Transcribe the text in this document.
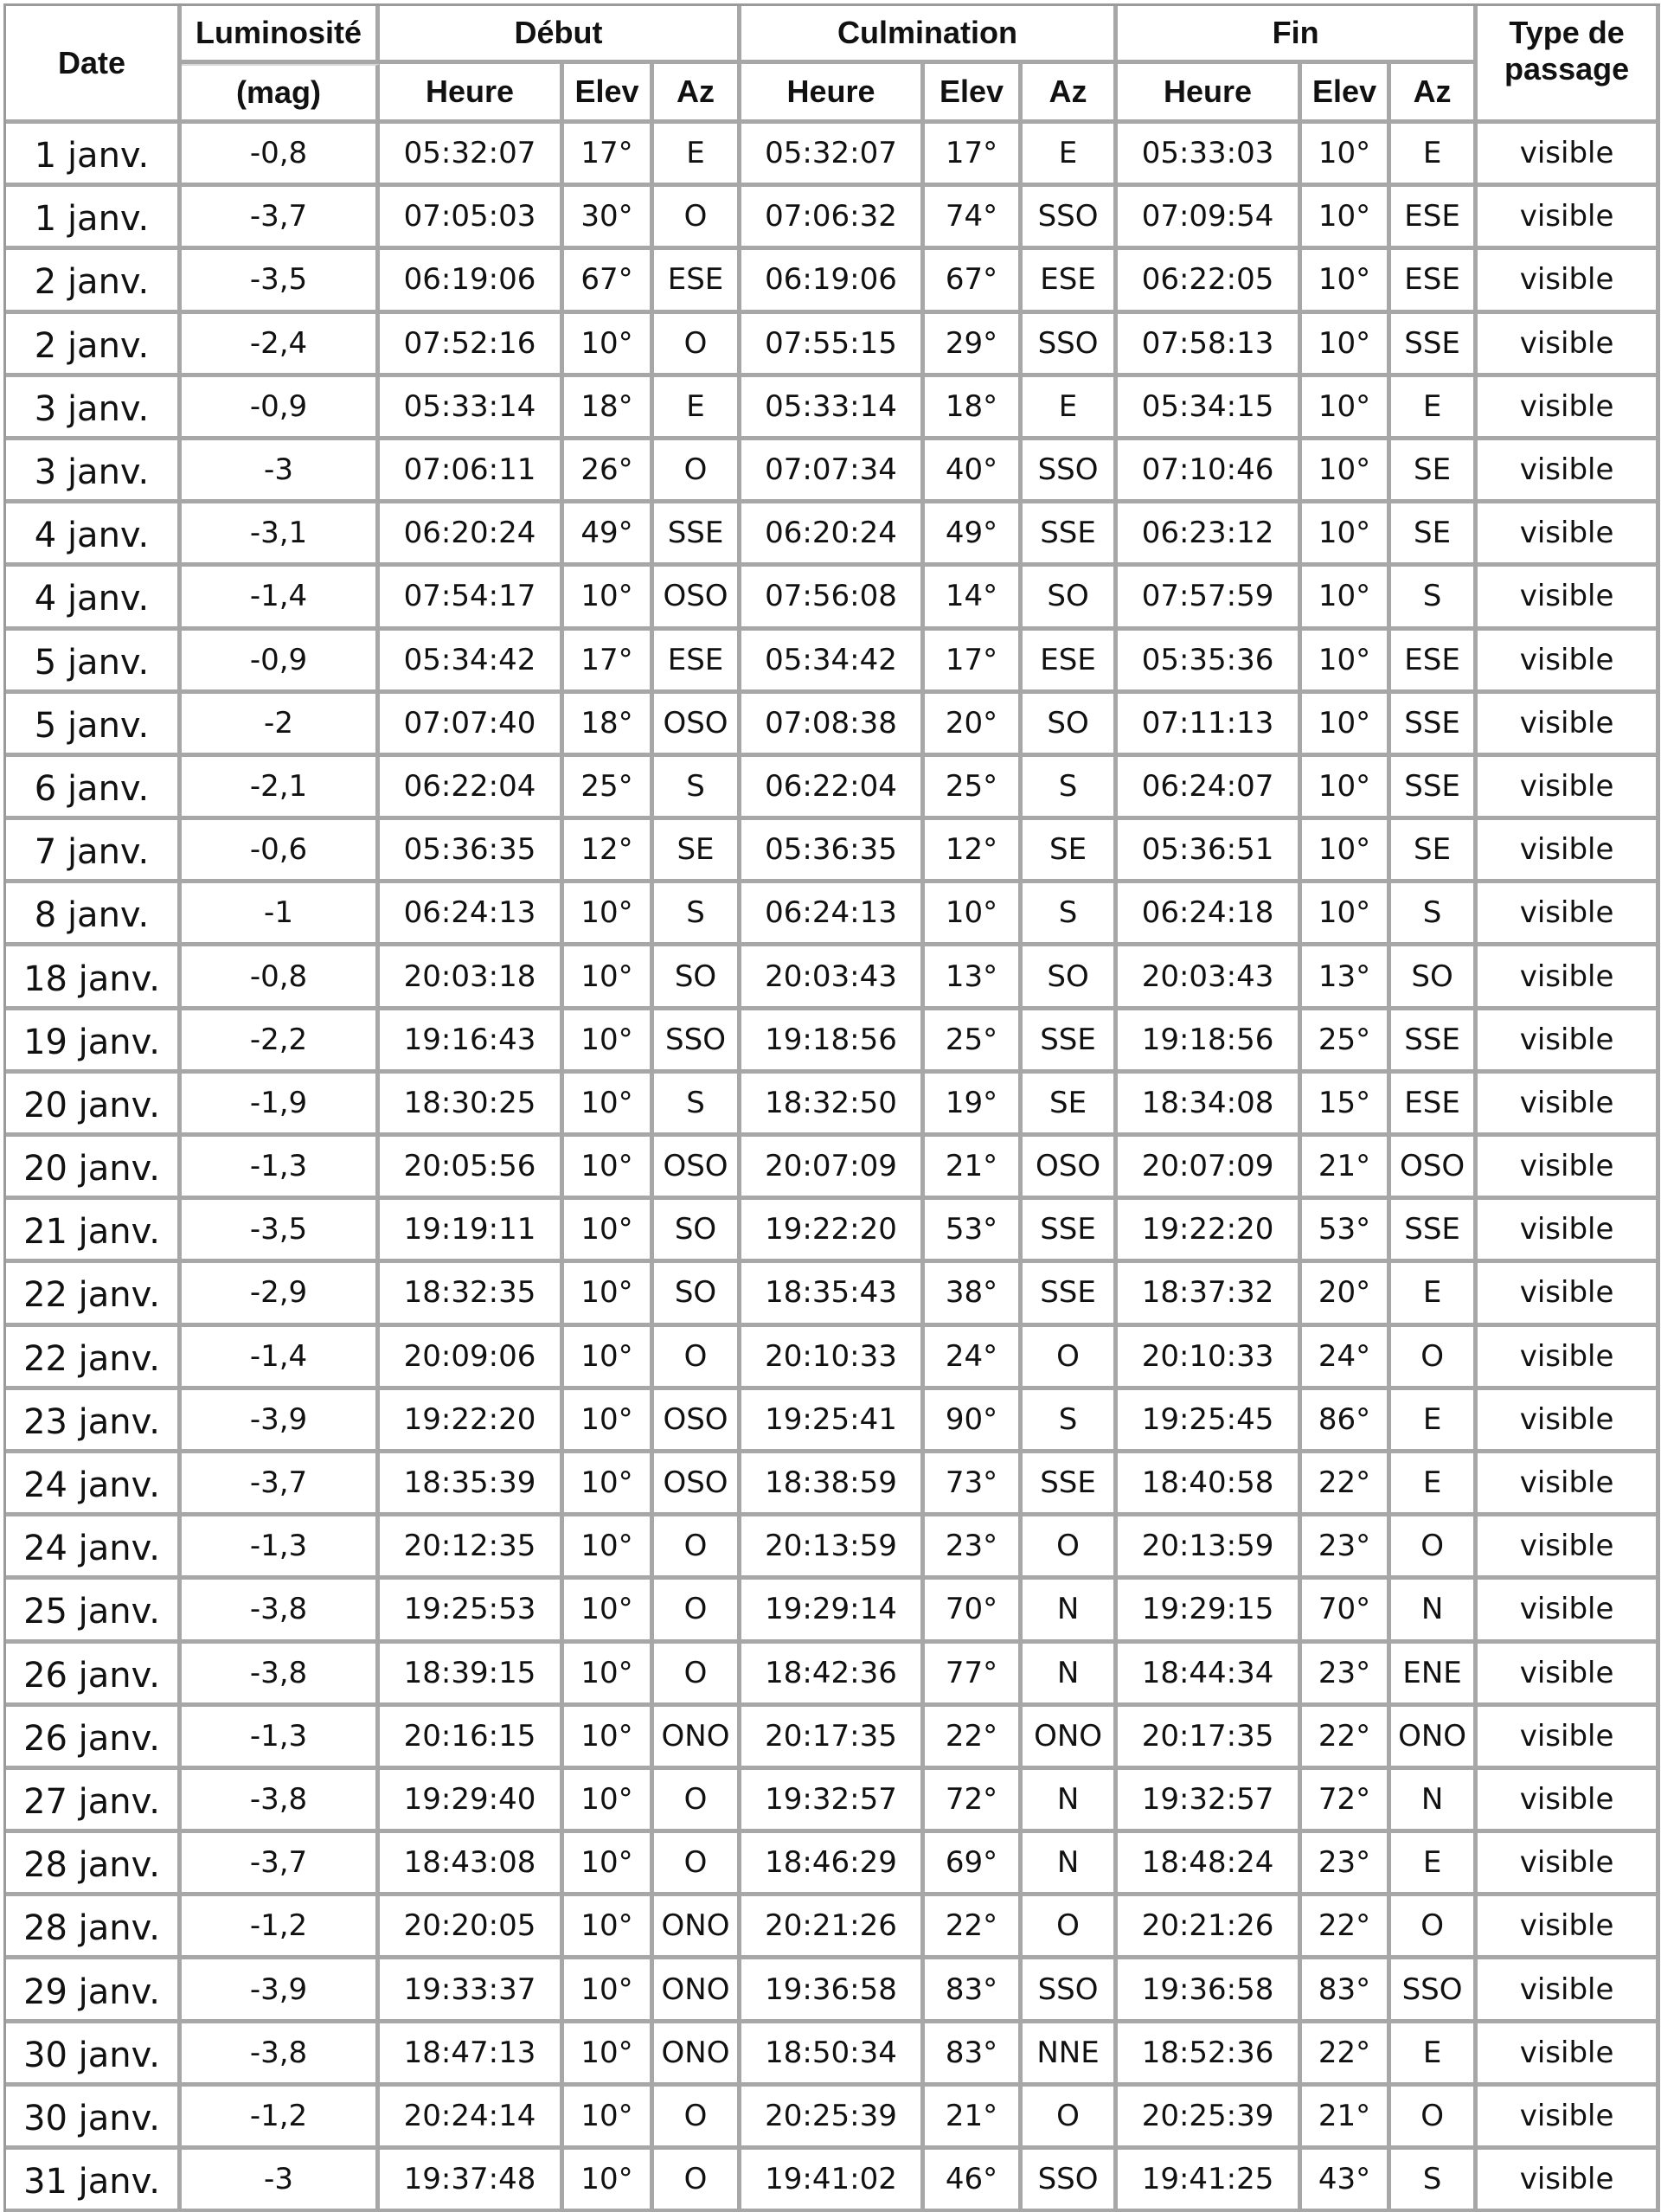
Date	Luminosité	Début			Culmination			Fin			Type de passage
	(mag)	Heure	Elev	Az	Heure	Elev	Az	Heure	Elev	Az	
1 janv.	-0,8	05:32:07	17°	E	05:32:07	17°	E	05:33:03	10°	E	visible
1 janv.	-3,7	07:05:03	30°	O	07:06:32	74°	SSO	07:09:54	10°	ESE	visible
2 janv.	-3,5	06:19:06	67°	ESE	06:19:06	67°	ESE	06:22:05	10°	ESE	visible
2 janv.	-2,4	07:52:16	10°	O	07:55:15	29°	SSO	07:58:13	10°	SSE	visible
3 janv.	-0,9	05:33:14	18°	E	05:33:14	18°	E	05:34:15	10°	E	visible
3 janv.	-3	07:06:11	26°	O	07:07:34	40°	SSO	07:10:46	10°	SE	visible
4 janv.	-3,1	06:20:24	49°	SSE	06:20:24	49°	SSE	06:23:12	10°	SE	visible
4 janv.	-1,4	07:54:17	10°	OSO	07:56:08	14°	SO	07:57:59	10°	S	visible
5 janv.	-0,9	05:34:42	17°	ESE	05:34:42	17°	ESE	05:35:36	10°	ESE	visible
5 janv.	-2	07:07:40	18°	OSO	07:08:38	20°	SO	07:11:13	10°	SSE	visible
6 janv.	-2,1	06:22:04	25°	S	06:22:04	25°	S	06:24:07	10°	SSE	visible
7 janv.	-0,6	05:36:35	12°	SE	05:36:35	12°	SE	05:36:51	10°	SE	visible
8 janv.	-1	06:24:13	10°	S	06:24:13	10°	S	06:24:18	10°	S	visible
18 janv.	-0,8	20:03:18	10°	SO	20:03:43	13°	SO	20:03:43	13°	SO	visible
19 janv.	-2,2	19:16:43	10°	SSO	19:18:56	25°	SSE	19:18:56	25°	SSE	visible
20 janv.	-1,9	18:30:25	10°	S	18:32:50	19°	SE	18:34:08	15°	ESE	visible
20 janv.	-1,3	20:05:56	10°	OSO	20:07:09	21°	OSO	20:07:09	21°	OSO	visible
21 janv.	-3,5	19:19:11	10°	SO	19:22:20	53°	SSE	19:22:20	53°	SSE	visible
22 janv.	-2,9	18:32:35	10°	SO	18:35:43	38°	SSE	18:37:32	20°	E	visible
22 janv.	-1,4	20:09:06	10°	O	20:10:33	24°	O	20:10:33	24°	O	visible
23 janv.	-3,9	19:22:20	10°	OSO	19:25:41	90°	S	19:25:45	86°	E	visible
24 janv.	-3,7	18:35:39	10°	OSO	18:38:59	73°	SSE	18:40:58	22°	E	visible
24 janv.	-1,3	20:12:35	10°	O	20:13:59	23°	O	20:13:59	23°	O	visible
25 janv.	-3,8	19:25:53	10°	O	19:29:14	70°	N	19:29:15	70°	N	visible
26 janv.	-3,8	18:39:15	10°	O	18:42:36	77°	N	18:44:34	23°	ENE	visible
26 janv.	-1,3	20:16:15	10°	ONO	20:17:35	22°	ONO	20:17:35	22°	ONO	visible
27 janv.	-3,8	19:29:40	10°	O	19:32:57	72°	N	19:32:57	72°	N	visible
28 janv.	-3,7	18:43:08	10°	O	18:46:29	69°	N	18:48:24	23°	E	visible
28 janv.	-1,2	20:20:05	10°	ONO	20:21:26	22°	O	20:21:26	22°	O	visible
29 janv.	-3,9	19:33:37	10°	ONO	19:36:58	83°	SSO	19:36:58	83°	SSO	visible
30 janv.	-3,8	18:47:13	10°	ONO	18:50:34	83°	NNE	18:52:36	22°	E	visible
30 janv.	-1,2	20:24:14	10°	O	20:25:39	21°	O	20:25:39	21°	O	visible
31 janv.	-3	19:37:48	10°	O	19:41:02	46°	SSO	19:41:25	43°	S	visible
